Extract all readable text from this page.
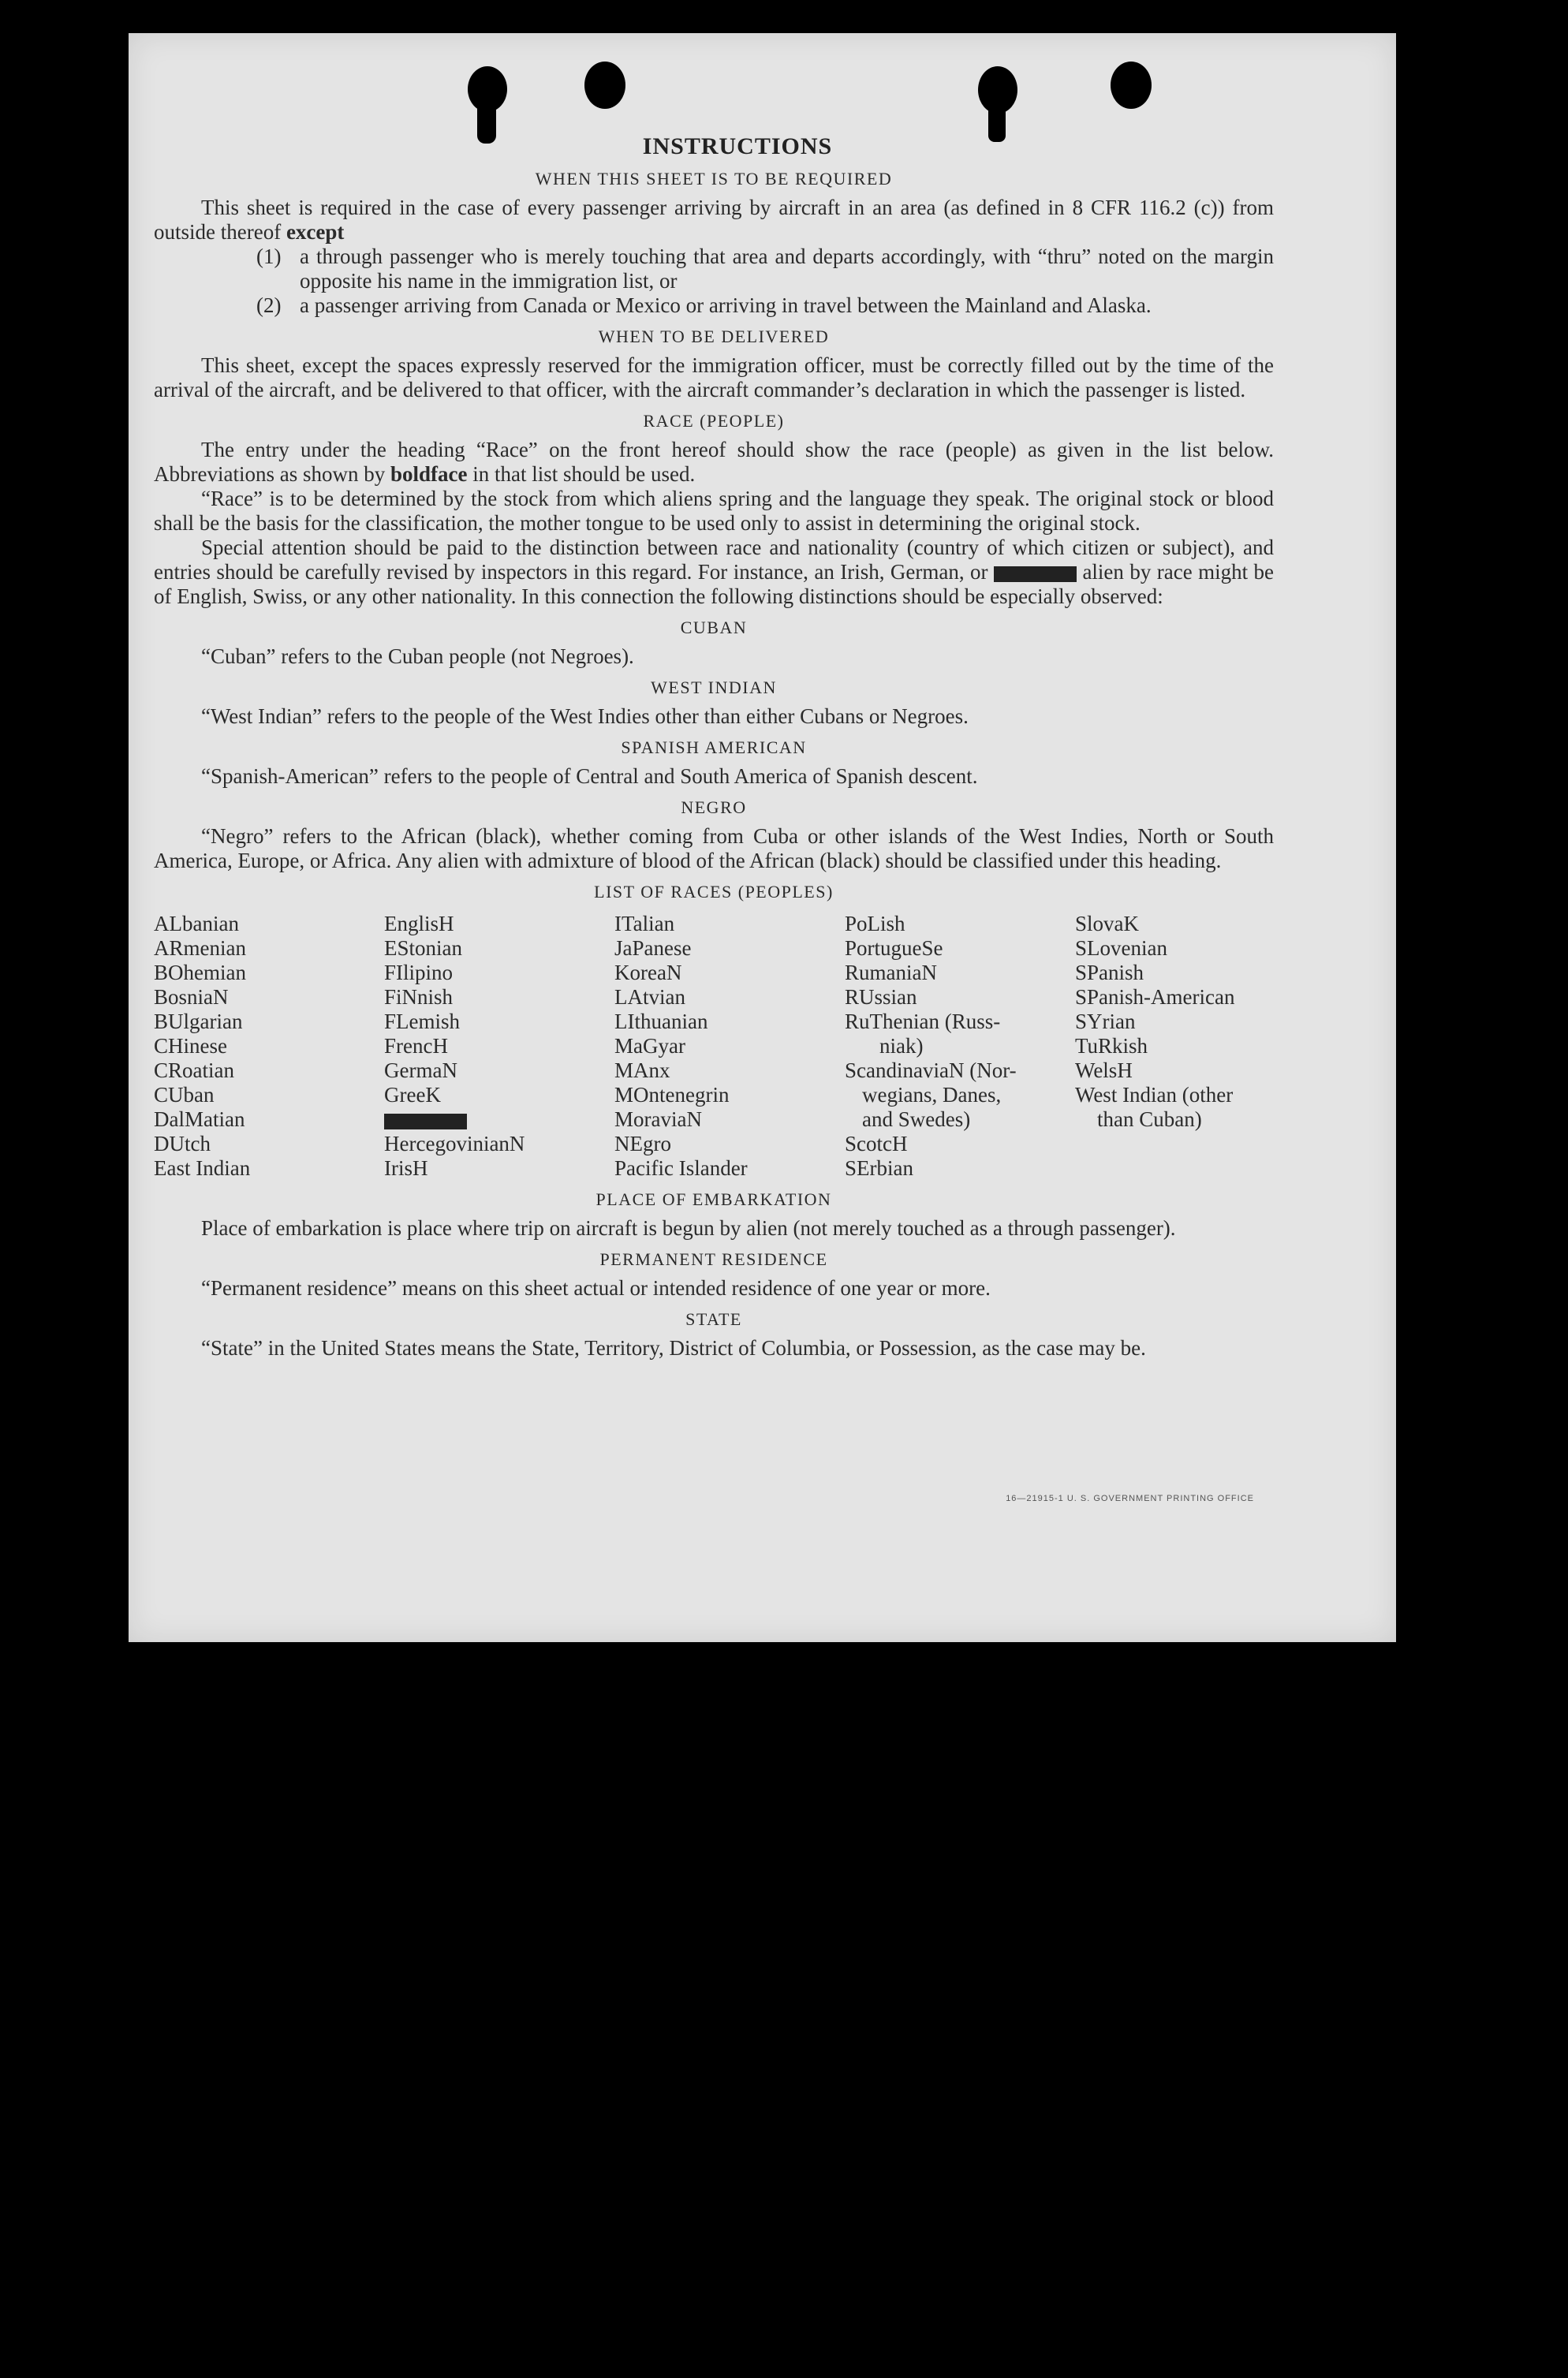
INSTRUCTIONS
WHEN THIS SHEET IS TO BE REQUIRED

This sheet is required in the case of every passenger arriving by aircraft in an area (as defined in 8 CFR 116.2 (c)) from outside thereof except

(1) a through passenger who is merely touching that area and departs accordingly, with “thru” noted on the margin opposite his name in the immigration list, or
(2) a passenger arriving from Canada or Mexico or arriving in travel between the Mainland and Alaska.
WHEN TO BE DELIVERED

This sheet, except the spaces expressly reserved for the immigration officer, must be correctly filled out by the time of the arrival of the aircraft, and be delivered to that officer, with the aircraft commander’s declaration in which the passenger is listed.

RACE (PEOPLE)

The entry under the heading “Race” on the front hereof should show the race (people) as given in the list below. Abbreviations as shown by boldface in that list should be used.

“Race” is to be determined by the stock from which aliens spring and the language they speak. The original stock or blood shall be the basis for the classification, the mother tongue to be used only to assist in determining the original stock.

Special attention should be paid to the distinction between race and nationality (country of which citizen or subject), and entries should be carefully revised by inspectors in this regard. For instance, an Irish, German, or	alien by race might be of English, Swiss, or any other nationality. In this connection the following distinctions should be especially observed:

CUBAN

“Cuban” refers to the Cuban people (not Negroes).

WEST INDIAN

“West Indian” refers to the people of the West Indies other than either Cubans or Negroes.

SPANISH AMERICAN

“Spanish-American” refers to the people of Central and South America of Spanish descent.

NEGRO

“Negro” refers to the African (black), whether coming from Cuba or other islands of the West Indies, North or South America, Europe, or Africa. Any alien with admixture of blood of the African (black) should be classified under this heading.

LIST OF RACES (PEOPLES)
ALbanian
ARmenian
BOhemian
BosniaN
BUlgarian
CHinese
CRoatian
CUban
DalMatian
DUtch
East Indian
EnglisH
EStonian
FIlipino
FiNnish
FLemish
FrencH
GermaN
GreeK
HercegovinianN
IrisH
ITalian
JaPanese
KoreaN
LAtvian
LIthuanian
MaGyar
MAnx
MOntenegrin
MoraviaN
NEgro
Pacific Islander
PoLish
PortugueSe
RumaniaN
RUssian
RuThenian (Russ-
niak)
ScandinaviaN (Nor-
wegians, Danes,
and Swedes)
ScotcH
SErbian
SlovaK
SLovenian
SPanish
SPanish-American
SYrian
TuRkish
WelsH
West Indian (other
than Cuban)
PLACE OF EMBARKATION

Place of embarkation is place where trip on aircraft is begun by alien (not merely touched as a through passenger).

PERMANENT RESIDENCE

“Permanent residence” means on this sheet actual or intended residence of one year or more.

STATE

“State” in the United States means the State, Territory, District of Columbia, or Possession, as the case may be.

16—21915-1 U. S. GOVERNMENT PRINTING OFFICE
